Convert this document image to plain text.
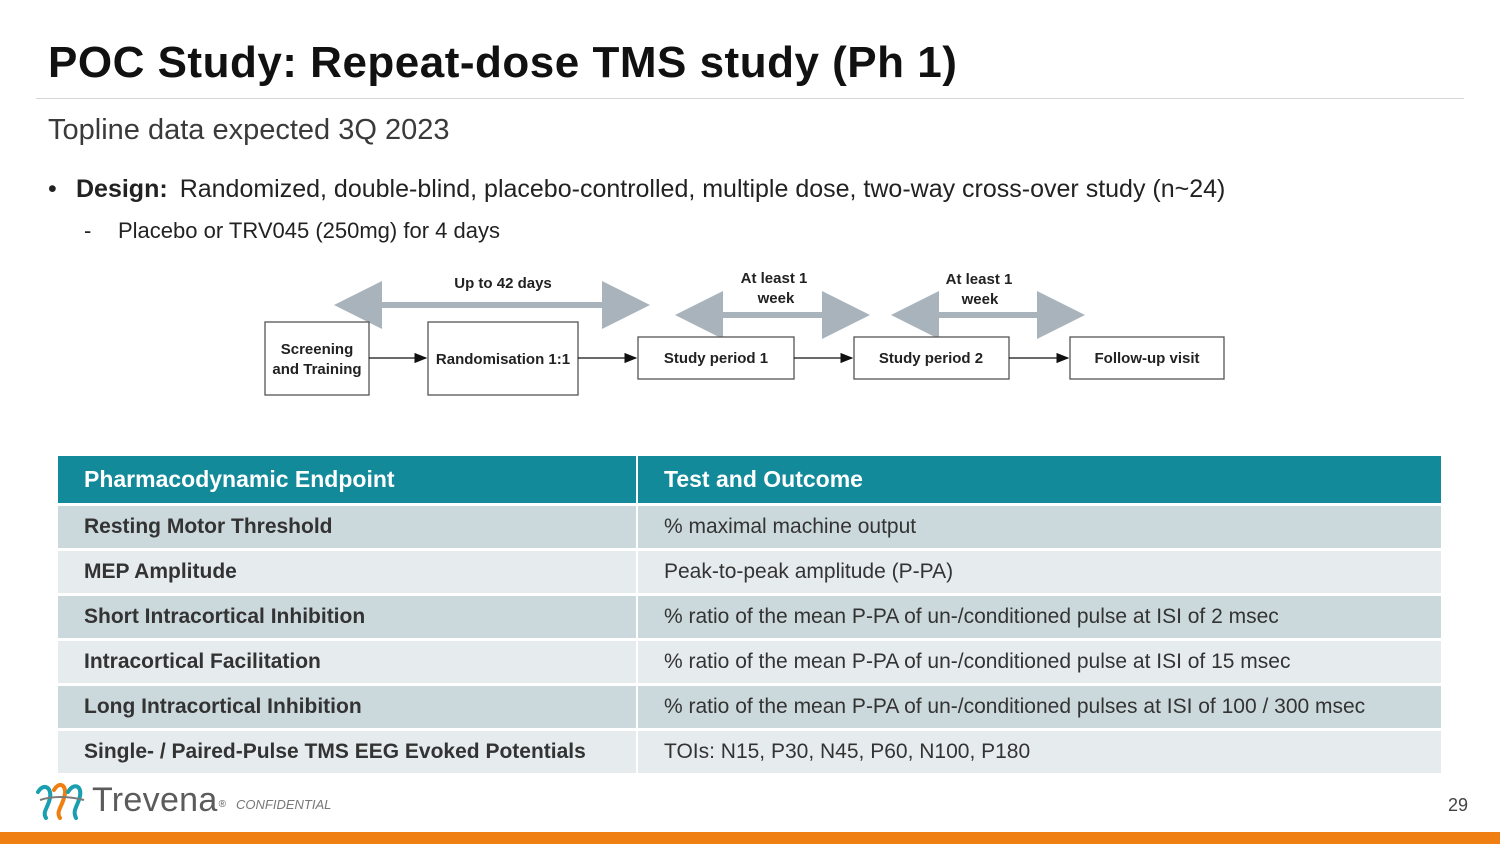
POC Study: Repeat-dose TMS study (Ph 1)
Topline data expected 3Q 2023
• Design: Randomized, double-blind, placebo-controlled, multiple dose, two-way cross-over study (n~24)
- Placebo or TRV045 (250mg) for 4 days
Up to 42 days	At least 1
week
At least 1
week
Screening
and Training
Randomisation 1:1	Study period 1	Study period 2	Follow-up visit
Pharmacodynamic Endpoint	Test and Outcome
Resting Motor Threshold	% maximal machine output
MEP Amplitude	Peak-to-peak amplitude (P-PA)
Short Intracortical Inhibition	% ratio of the mean P-PA of un-/conditioned pulse at ISI of 2 msec
Intracortical Facilitation	% ratio of the mean P-PA of un-/conditioned pulse at ISI of 15 msec
Long Intracortical Inhibition	% ratio of the mean P-PA of un-/conditioned pulses at ISI of 100 / 300 msec
Single- / Paired-Pulse TMS EEG Evoked Potentials	TOIs: N15, P30, N45, P60, N100, P180
Trevena ® CONFIDENTIAL	29
